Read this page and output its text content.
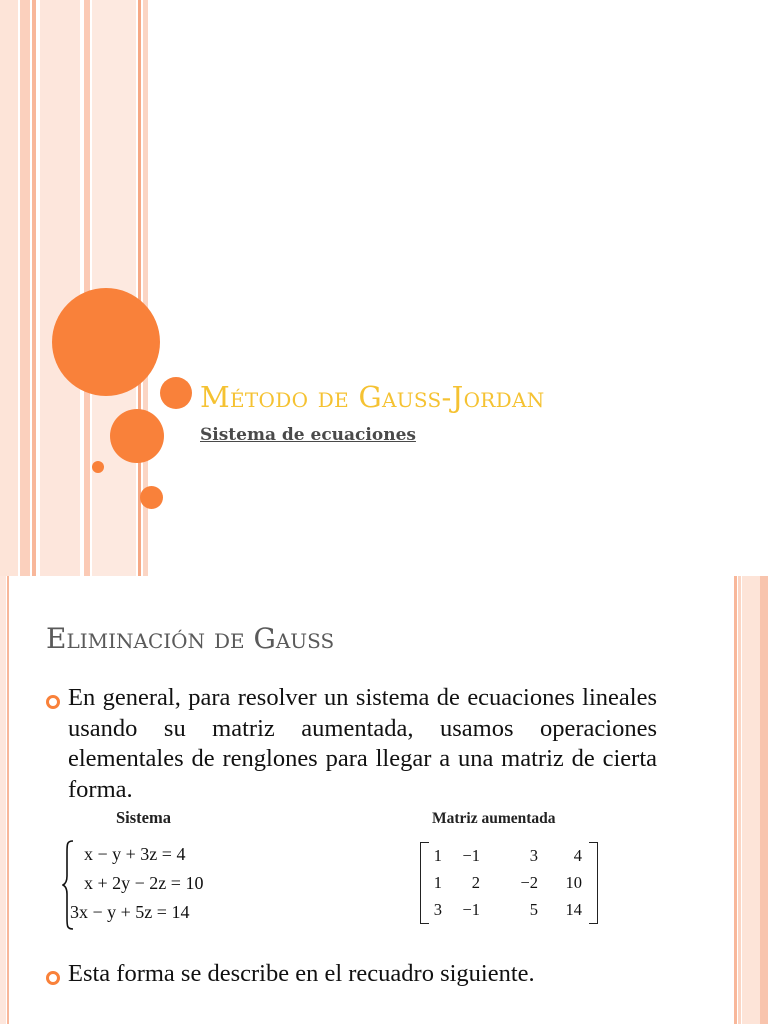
Método de Gauss-Jordan

Sistema de ecuaciones

Eliminación de Gauss

En general, para resolver un sistema de ecuaciones lineales usando su matriz aumentada, usamos operaciones elementales de renglones para llegar a una matriz de cierta forma.

Sistema	Matriz aumentada
x − y + 3z = 4
x + 2y − 2z = 10
3x − y + 5z = 14
1	−1	3	4
1	2	−2	10
3	−1	5	14

Esta forma se describe en el recuadro siguiente.
